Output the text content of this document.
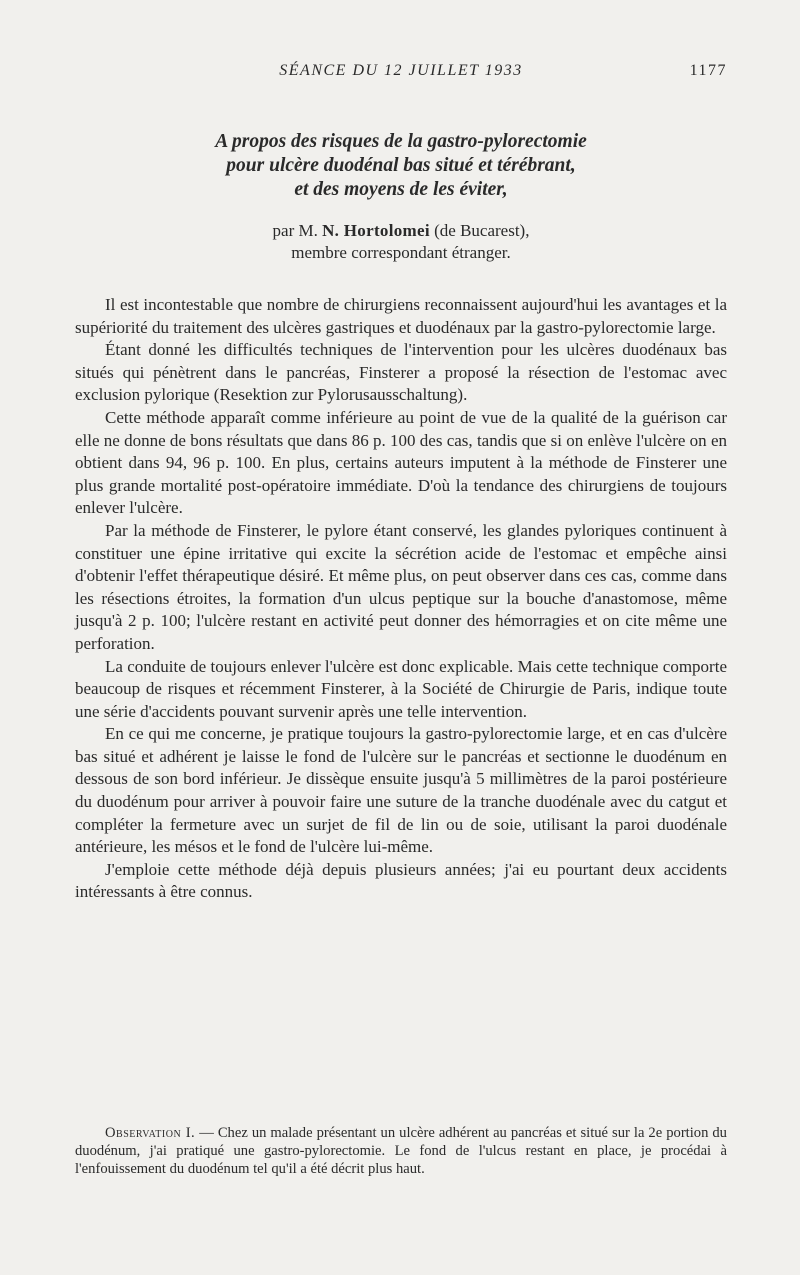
SÉANCE DU 12 JUILLET 1933	1177
A propos des risques de la gastro-pylorectomie
pour ulcère duodénal bas situé et térébrant,
et des moyens de les éviter,
par M. N. Hortolomei (de Bucarest),
membre correspondant étranger.

Il est incontestable que nombre de chirurgiens reconnaissent aujourd'hui les avantages et la supériorité du traitement des ulcères gastriques et duodénaux par la gastro-pylorectomie large.

Étant donné les difficultés techniques de l'intervention pour les ulcères duodénaux bas situés qui pénètrent dans le pancréas, Finsterer a proposé la résection de l'estomac avec exclusion pylorique (Resektion zur Pylorusausschaltung).

Cette méthode apparaît comme inférieure au point de vue de la qualité de la guérison car elle ne donne de bons résultats que dans 86 p. 100 des cas, tandis que si on enlève l'ulcère on en obtient dans 94, 96 p. 100. En plus, certains auteurs imputent à la méthode de Finsterer une plus grande mortalité post-opératoire immédiate. D'où la tendance des chirurgiens de toujours enlever l'ulcère.

Par la méthode de Finsterer, le pylore étant conservé, les glandes pyloriques continuent à constituer une épine irritative qui excite la sécrétion acide de l'estomac et empêche ainsi d'obtenir l'effet thérapeutique désiré. Et même plus, on peut observer dans ces cas, comme dans les résections étroites, la formation d'un ulcus peptique sur la bouche d'anastomose, même jusqu'à 2 p. 100; l'ulcère restant en activité peut donner des hémorragies et on cite même une perforation.

La conduite de toujours enlever l'ulcère est donc explicable. Mais cette technique comporte beaucoup de risques et récemment Finsterer, à la Société de Chirurgie de Paris, indique toute une série d'accidents pouvant survenir après une telle intervention.

En ce qui me concerne, je pratique toujours la gastro-pylorectomie large, et en cas d'ulcère bas situé et adhérent je laisse le fond de l'ulcère sur le pancréas et sectionne le duodénum en dessous de son bord inférieur. Je dissèque ensuite jusqu'à 5 millimètres de la paroi postérieure du duodénum pour arriver à pouvoir faire une suture de la tranche duodénale avec du catgut et compléter la fermeture avec un surjet de fil de lin ou de soie, utilisant la paroi duodénale antérieure, les mésos et le fond de l'ulcère lui-même.

J'emploie cette méthode déjà depuis plusieurs années; j'ai eu pourtant deux accidents intéressants à être connus.

Observation I. — Chez un malade présentant un ulcère adhérent au pancréas et situé sur la 2e portion du duodénum, j'ai pratiqué une gastro-pylorectomie. Le fond de l'ulcus restant en place, je procédai à l'enfouissement du duodénum tel qu'il a été décrit plus haut.
